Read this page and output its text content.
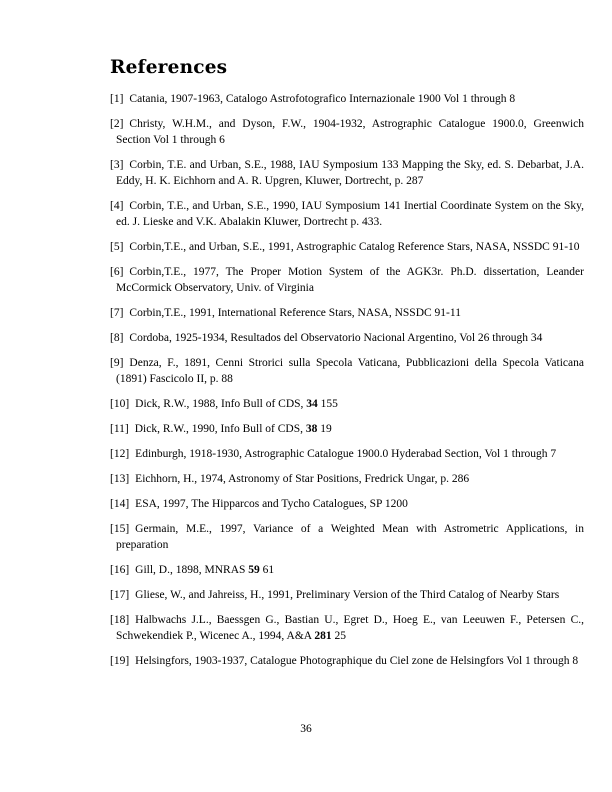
References
[1] Catania, 1907-1963, Catalogo Astrofotografico Internazionale 1900 Vol 1 through 8
[2] Christy, W.H.M., and Dyson, F.W., 1904-1932, Astrographic Catalogue 1900.0, Greenwich Section Vol 1 through 6
[3] Corbin, T.E. and Urban, S.E., 1988, IAU Symposium 133 Mapping the Sky, ed. S. Debarbat, J.A. Eddy, H. K. Eichhorn and A. R. Upgren, Kluwer, Dortrecht, p. 287
[4] Corbin, T.E., and Urban, S.E., 1990, IAU Symposium 141 Inertial Coordinate System on the Sky, ed. J. Lieske and V.K. Abalakin Kluwer, Dortrecht p. 433.
[5] Corbin,T.E., and Urban, S.E., 1991, Astrographic Catalog Reference Stars, NASA, NSSDC 91-10
[6] Corbin,T.E., 1977, The Proper Motion System of the AGK3r. Ph.D. dissertation, Leander McCormick Observatory, Univ. of Virginia
[7] Corbin,T.E., 1991, International Reference Stars, NASA, NSSDC 91-11
[8] Cordoba, 1925-1934, Resultados del Observatorio Nacional Argentino, Vol 26 through 34
[9] Denza, F., 1891, Cenni Strorici sulla Specola Vaticana, Pubblicazioni della Specola Vaticana (1891) Fascicolo II, p. 88
[10] Dick, R.W., 1988, Info Bull of CDS, 34 155
[11] Dick, R.W., 1990, Info Bull of CDS, 38 19
[12] Edinburgh, 1918-1930, Astrographic Catalogue 1900.0 Hyderabad Section, Vol 1 through 7
[13] Eichhorn, H., 1974, Astronomy of Star Positions, Fredrick Ungar, p. 286
[14] ESA, 1997, The Hipparcos and Tycho Catalogues, SP 1200
[15] Germain, M.E., 1997, Variance of a Weighted Mean with Astrometric Applications, in preparation
[16] Gill, D., 1898, MNRAS 59 61
[17] Gliese, W., and Jahreiss, H., 1991, Preliminary Version of the Third Catalog of Nearby Stars
[18] Halbwachs J.L., Baessgen G., Bastian U., Egret D., Hoeg E., van Leeuwen F., Petersen C., Schwekendiek P., Wicenec A., 1994, A&A 281 25
[19] Helsingfors, 1903-1937, Catalogue Photographique du Ciel zone de Helsingfors Vol 1 through 8
36
